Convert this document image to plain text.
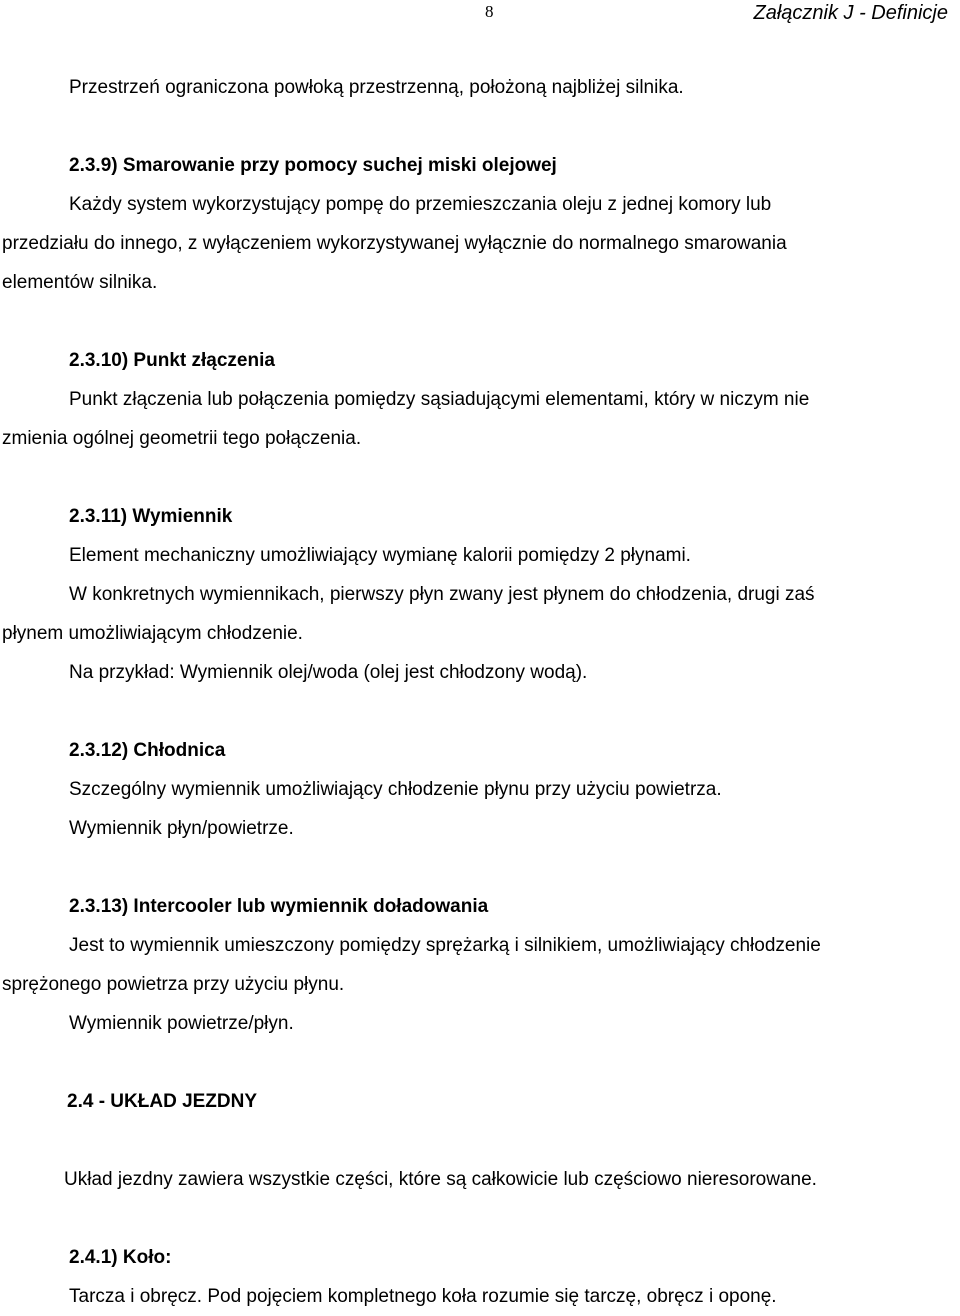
8	Załącznik J - Definicje
Przestrzeń ograniczona powłoką przestrzenną, położoną najbliżej silnika.
2.3.9) Smarowanie przy pomocy suchej miski olejowej
Każdy system wykorzystujący pompę do przemieszczania oleju z jednej komory lub
przedziału do innego, z wyłączeniem wykorzystywanej wyłącznie do normalnego smarowania
elementów silnika.
2.3.10) Punkt złączenia
Punkt złączenia lub połączenia pomiędzy sąsiadującymi elementami, który w niczym nie
zmienia ogólnej geometrii tego połączenia.
2.3.11) Wymiennik
Element mechaniczny umożliwiający wymianę kalorii pomiędzy 2 płynami.
W konkretnych wymiennikach, pierwszy płyn zwany jest płynem do chłodzenia, drugi zaś
płynem umożliwiającym chłodzenie.
Na przykład: Wymiennik olej/woda (olej jest chłodzony wodą).
2.3.12) Chłodnica
Szczególny wymiennik umożliwiający chłodzenie płynu przy użyciu powietrza.
Wymiennik płyn/powietrze.
2.3.13) Intercooler lub wymiennik doładowania
Jest to wymiennik umieszczony pomiędzy sprężarką i silnikiem, umożliwiający chłodzenie
sprężonego powietrza przy użyciu płynu.
Wymiennik powietrze/płyn.
2.4 - UKŁAD JEZDNY
Układ jezdny zawiera wszystkie części, które są całkowicie lub częściowo nieresorowane.
2.4.1) Koło:
Tarcza i obręcz. Pod pojęciem kompletnego koła rozumie się tarczę, obręcz i oponę.
